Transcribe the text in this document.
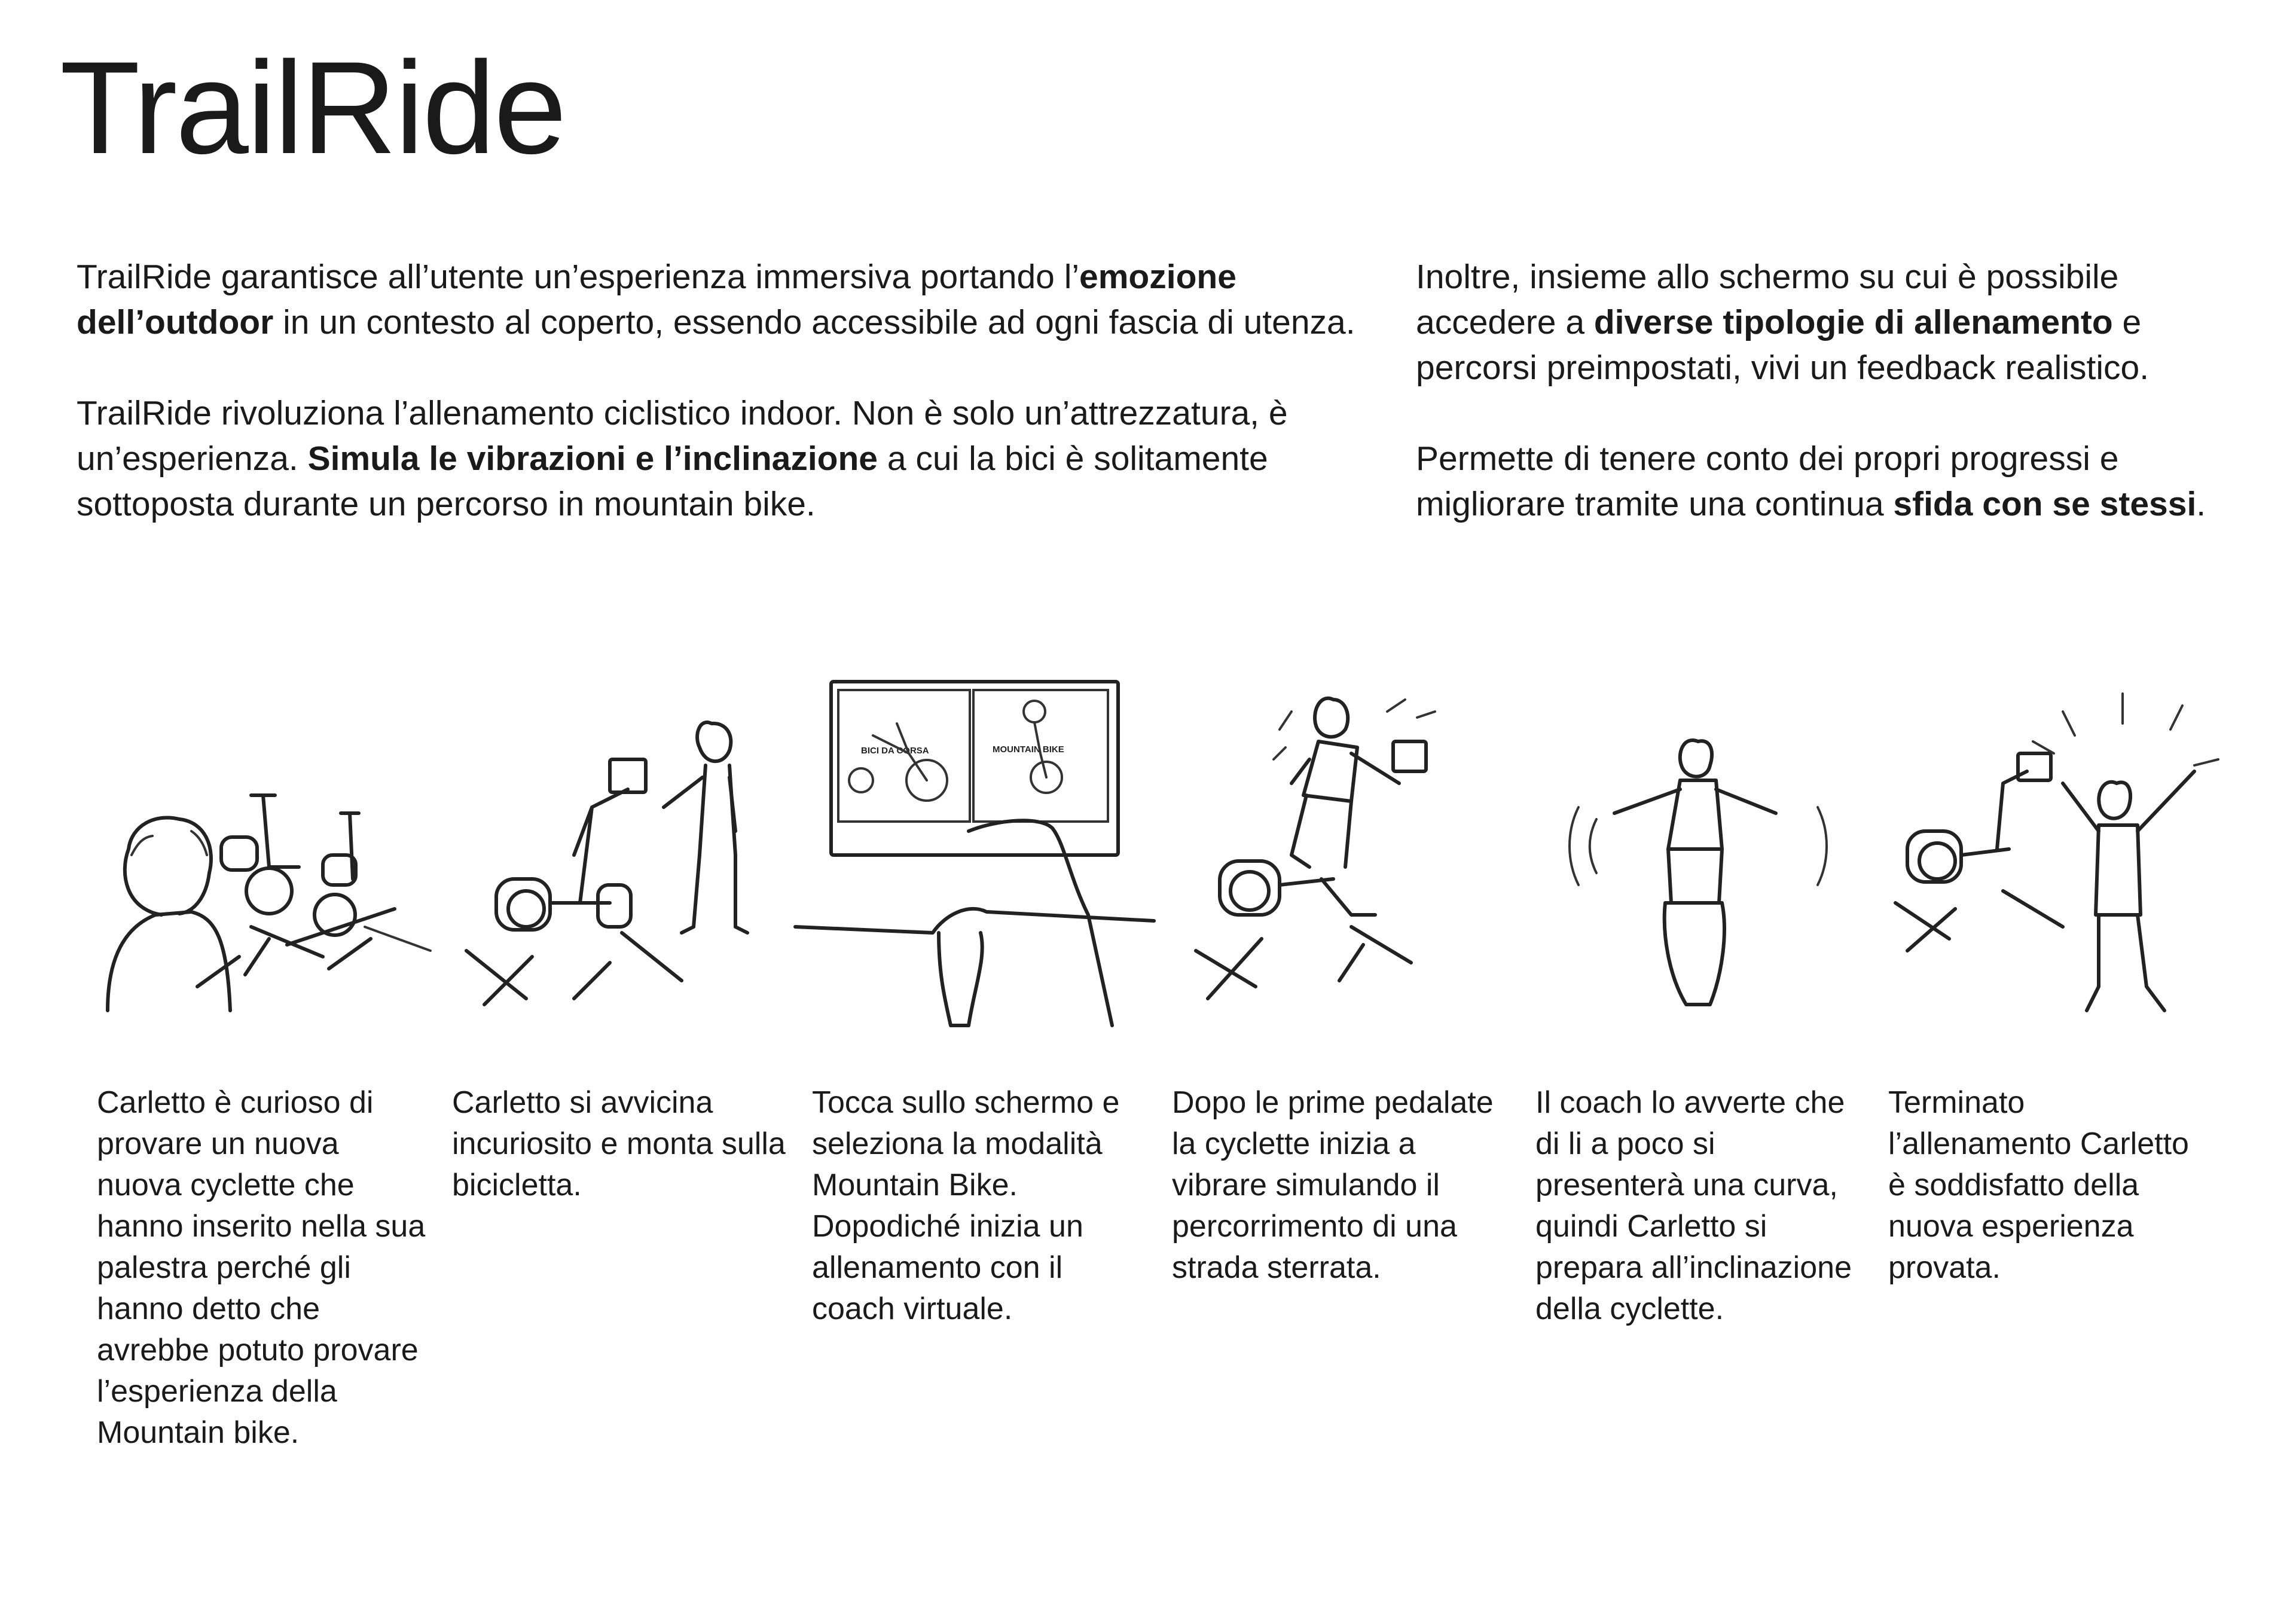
TrailRide

TrailRide garantisce all’utente un’esperienza immersiva portando l’emozione dell’outdoor in un contesto al coperto, essendo accessibile ad ogni fascia di utenza.

TrailRide rivoluziona l’allenamento ciclistico indoor. Non è solo un’attrezzatura, è un’esperienza. Simula le vibrazioni e l’inclinazione a cui la bici è solitamente sottoposta durante un percorso in mountain bike.

Inoltre, insieme allo schermo su cui è possibile accedere a diverse tipologie di allenamento e percorsi preimpostati, vivi un feedback realistico.

Permette di tenere conto dei propri progressi e migliorare tramite una continua sfida con se stessi.

BICI DA CORSA	MOUNTAIN BIKE

Carletto è curioso di provare un nuova nuova cyclette che hanno inserito nella sua palestra perché gli hanno detto che avrebbe potuto provare l’esperienza della Mountain bike.

Carletto si avvicina incuriosito e monta sulla bicicletta.

Tocca sullo schermo e seleziona la modalità Mountain Bike. Dopodiché inizia un allenamento con il coach virtuale.

Dopo le prime pedalate la cyclette inizia a vibrare simulando il percorrimento di una strada sterrata.

Il coach lo avverte che di li a poco si presenterà una curva, quindi Carletto si prepara all’inclinazione della cyclette.

Terminato l’allenamento Carletto è soddisfatto della nuova esperienza provata.
